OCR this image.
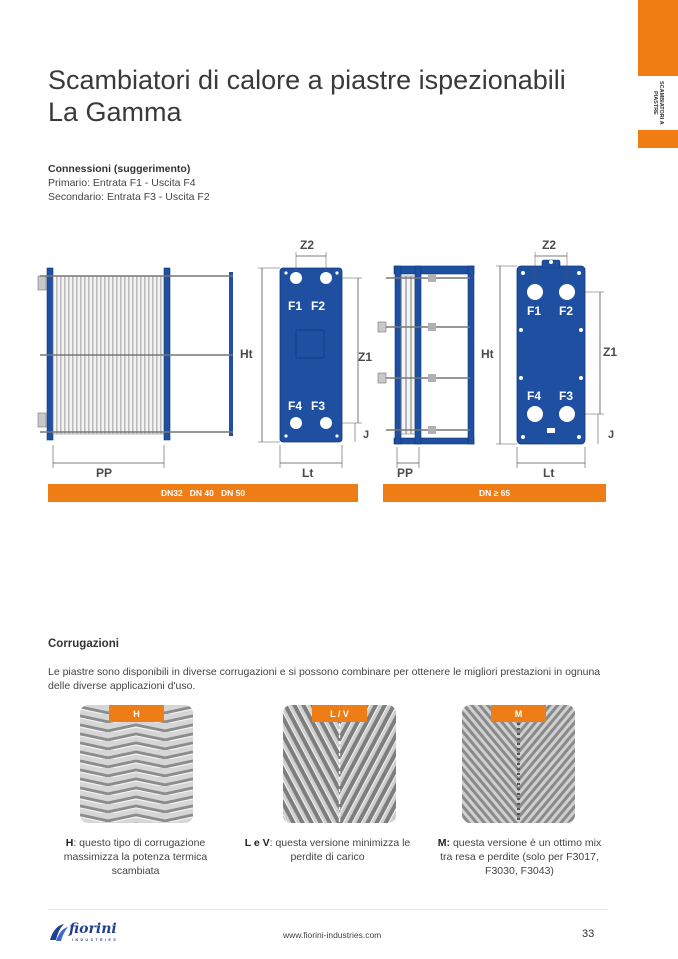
SCAMBIATORI A PIASTRE
Scambiatori di calore a piastre ispezionabili
La Gamma
Connessioni (suggerimento)
Primario: Entrata F1 - Uscita F4
Secondario: Entrata F3 - Uscita F2
PP
Z2
Ht	Z1
J
Lt
F1 F2
F4 F3
PP
Z2
Ht	Z1
J
Lt
F1 F2
F4 F3
DN32   DN 40   DN 50	DN ≥ 65
Corrugazioni
Le piastre sono disponibili in diverse corrugazioni e si possono combinare per ottenere le migliori prestazioni in ognuna delle diverse applicazioni d'uso.
H	L / V	M
H: questo tipo di corrugazione massimizza la potenza termica scambiata
L e V: questa versione minimizza le perdite di carico
M: questa versione è un ottimo mix tra resa e perdite (solo per F3017, F3030, F3043)
fiorini
INDUSTRIES	www.fiorini-industries.com	33
